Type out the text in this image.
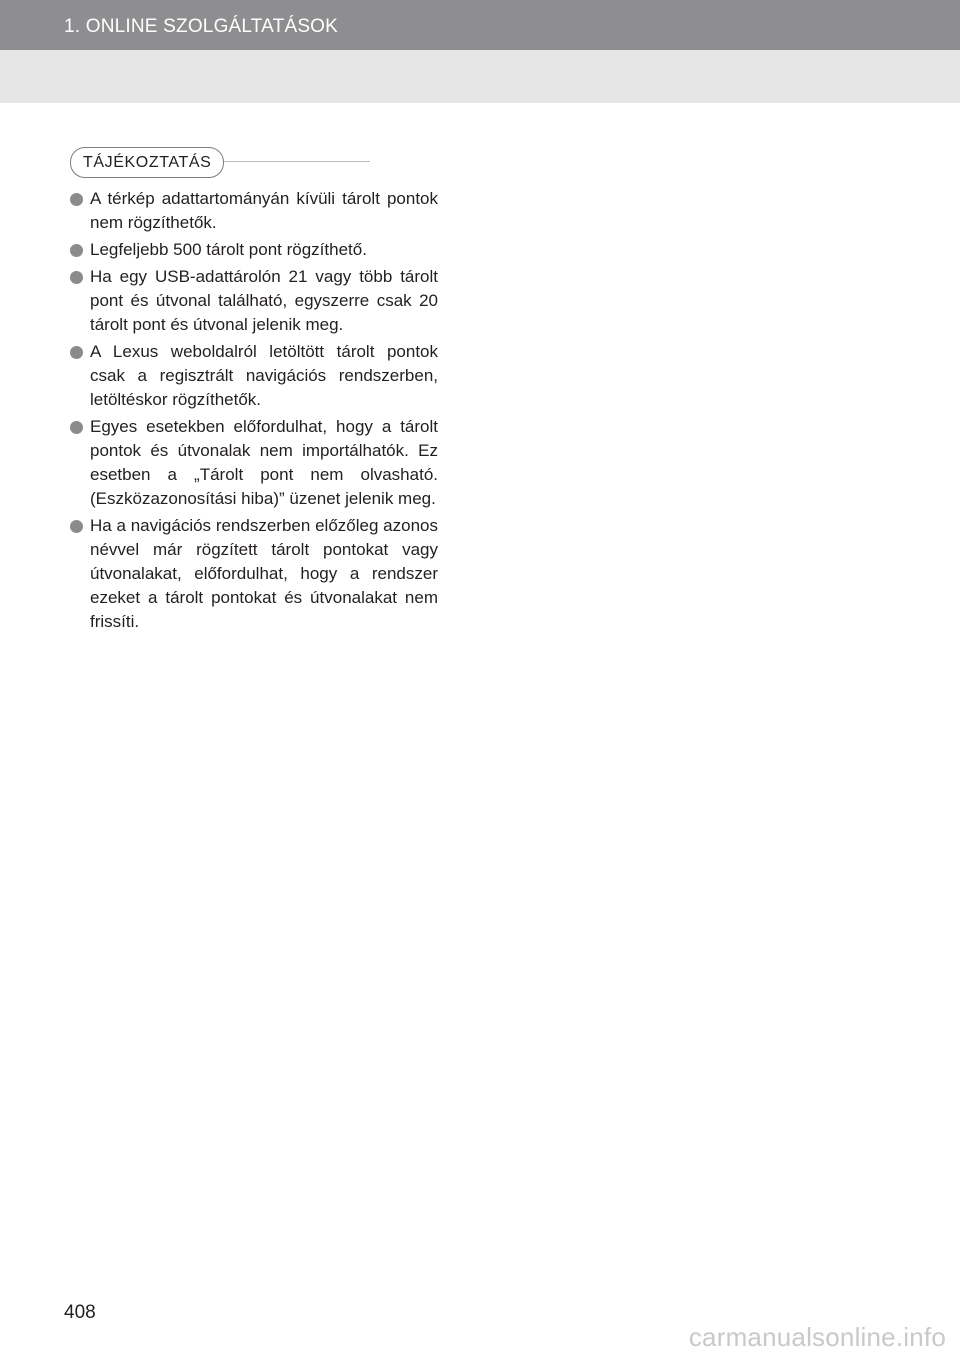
1. ONLINE SZOLGÁLTATÁSOK
TÁJÉKOZTATÁS
A térkép adattartományán kívüli tárolt pontok nem rögzíthetők.
Legfeljebb 500 tárolt pont rögzíthető.
Ha egy USB-adattárolón 21 vagy több tárolt pont és útvonal található, egyszerre csak 20 tárolt pont és útvonal jelenik meg.
A Lexus weboldalról letöltött tárolt pontok csak a regisztrált navigációs rendszerben, letöltéskor rögzíthetők.
Egyes esetekben előfordulhat, hogy a tárolt pontok és útvonalak nem importálhatók. Ez esetben a „Tárolt pont nem olvasható. (Eszközazonosítási hiba)” üzenet jelenik meg.
Ha a navigációs rendszerben előzőleg azonos névvel már rögzített tárolt pontokat vagy útvonalakat, előfordulhat, hogy a rendszer ezeket a tárolt pontokat és útvonalakat nem frissíti.
408
carmanualsonline.info
